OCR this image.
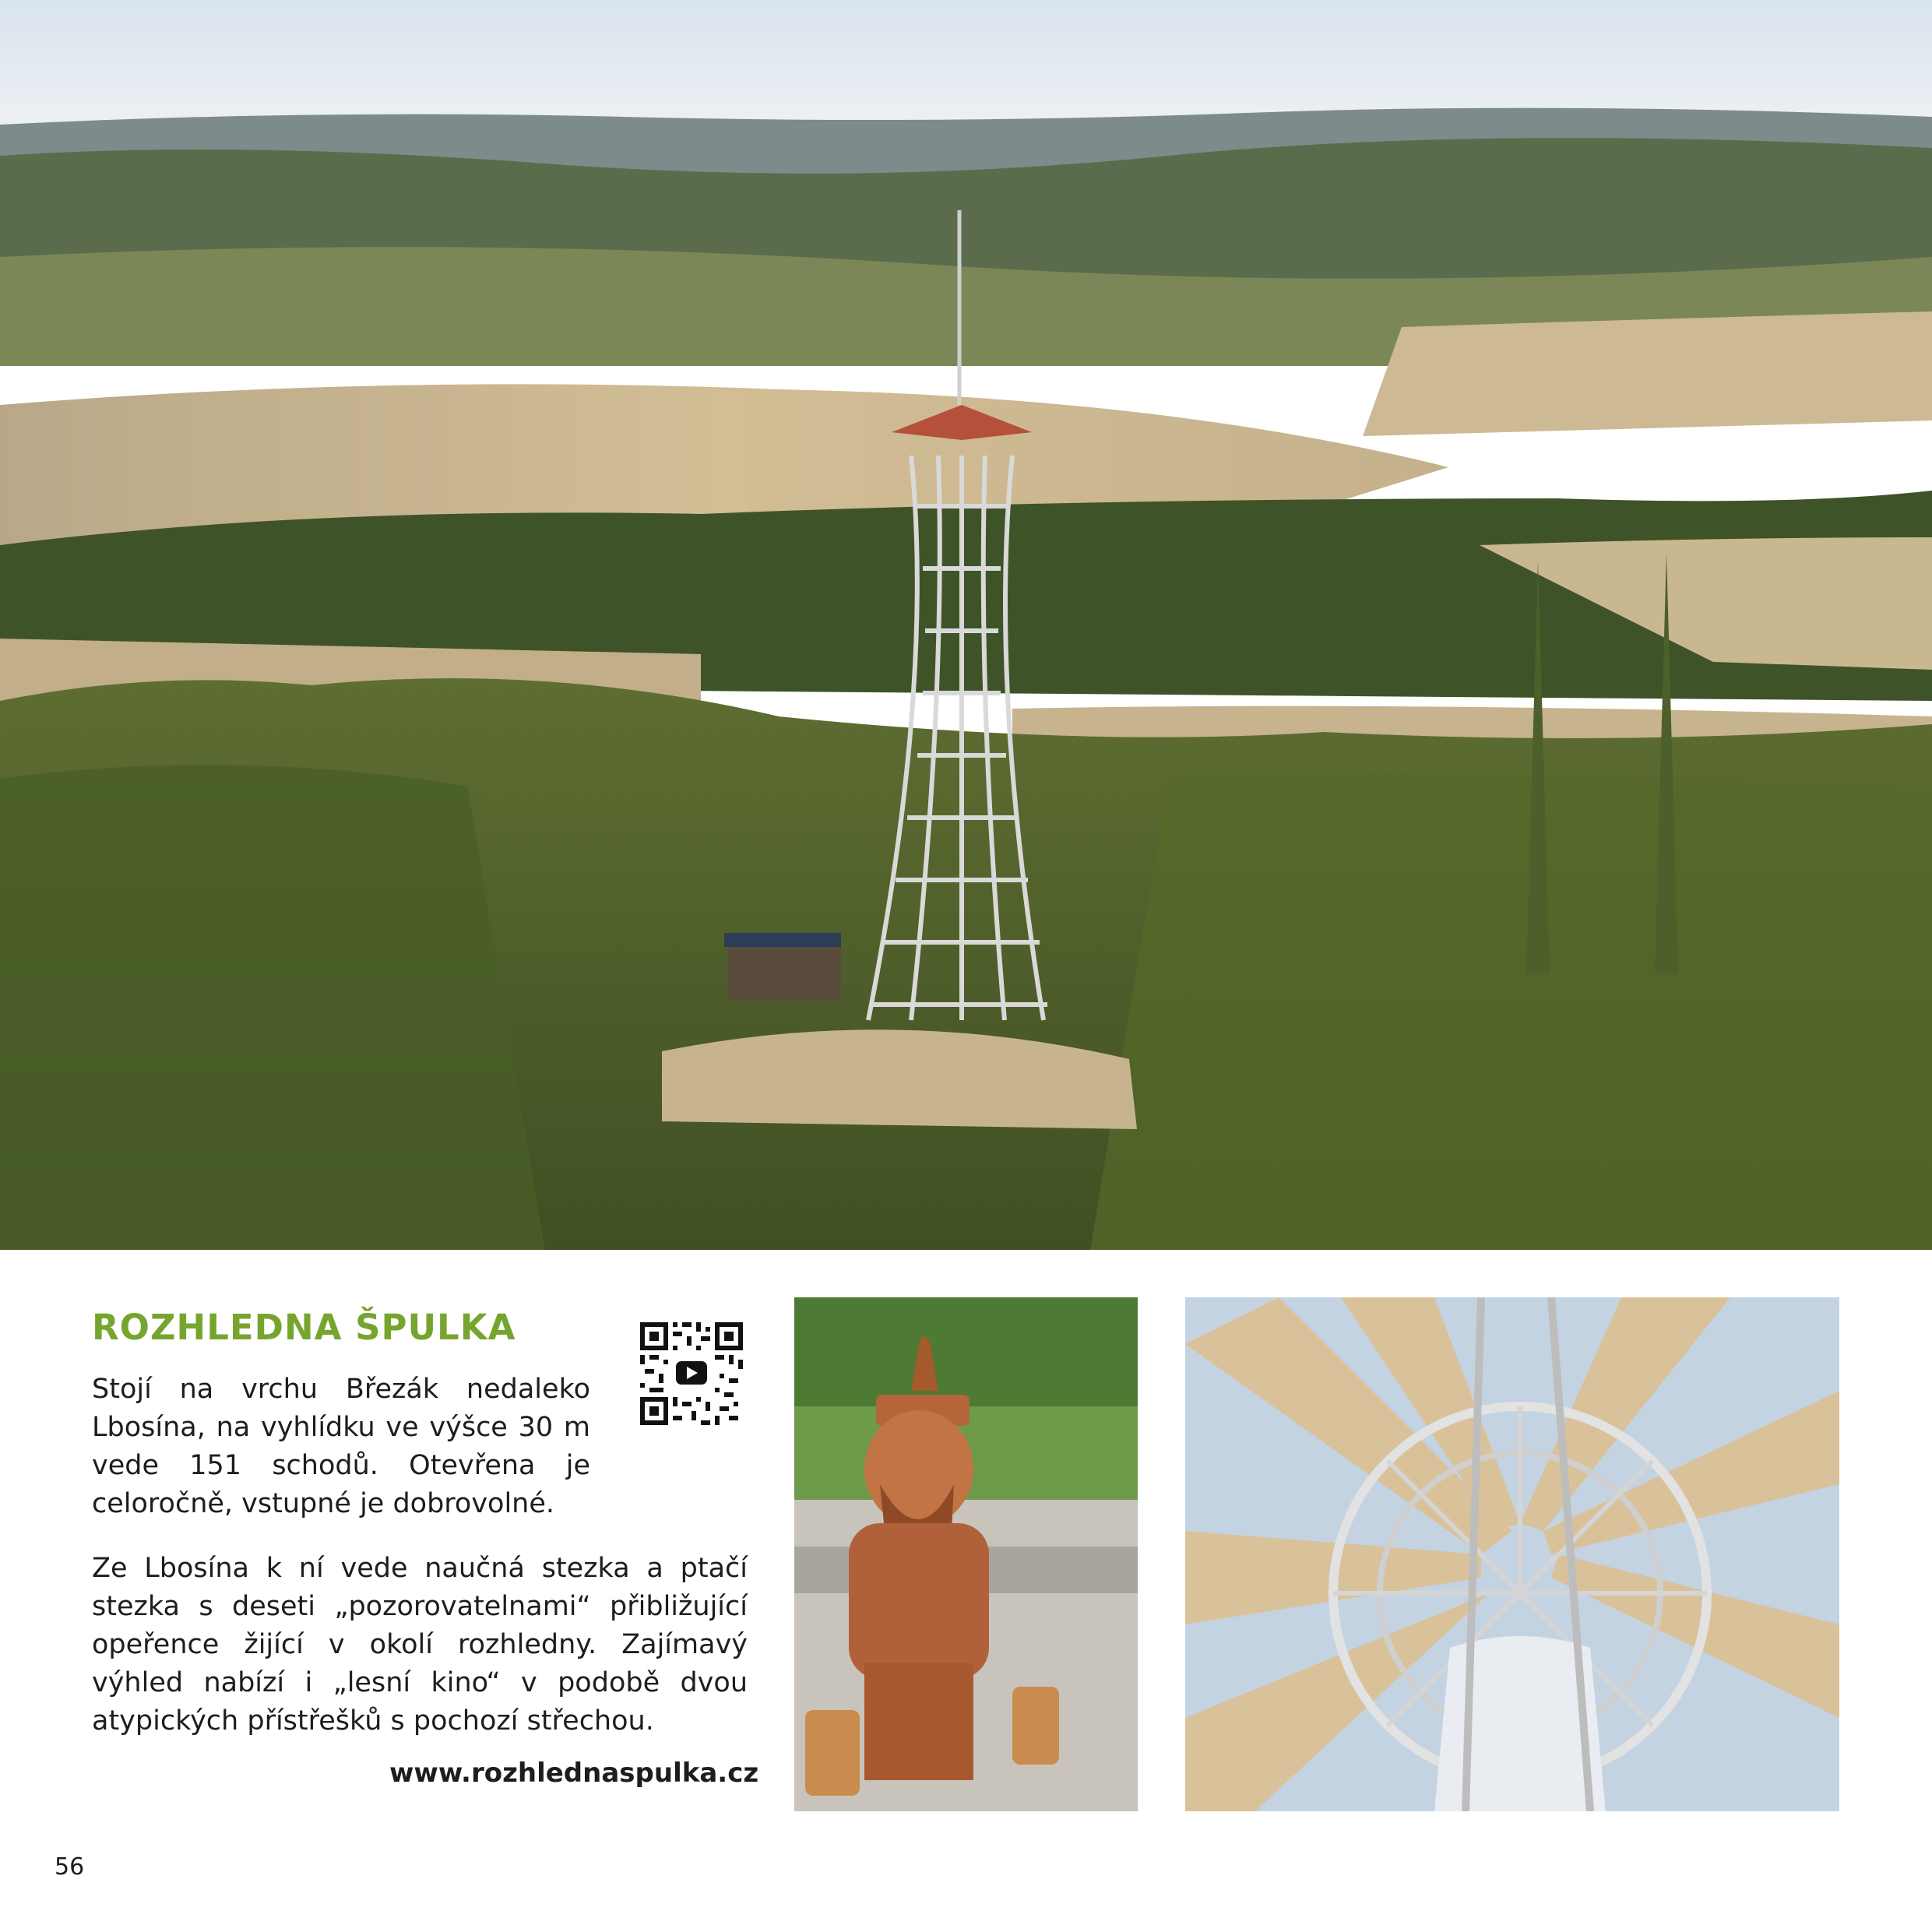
ROZHLEDNA ŠPULKA

Stojí na vrchu Březák nedaleko Lbosína, na vyhlídku ve výšce 30 m vede 151 schodů. Otevřena je celoročně, vstupné je dobrovolné.

Ze Lbosína k ní vede naučná stezka a ptačí stezka s deseti „pozorovatelnami“ přibližující opeřence žijící v okolí rozhledny. Zajímavý výhled nabízí i „lesní kino“ v podobě dvou atypických přístřešků s pochozí střechou.

www.rozhlednaspulka.cz
56
